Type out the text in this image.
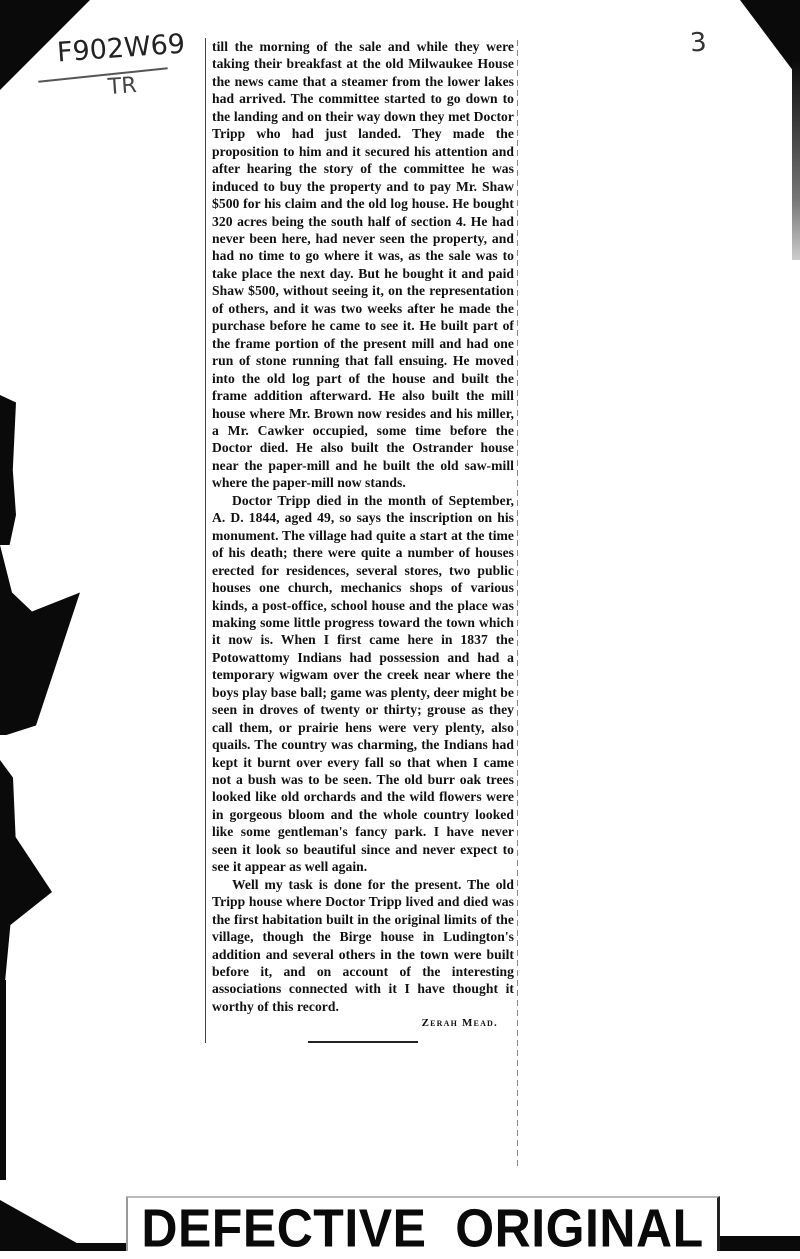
F902W69
TR
3

till the morning of the sale and while they were taking their breakfast at the old Milwaukee House the news came that a steamer from the lower lakes had arrived. The committee started to go down to the landing and on their way down they met Doctor Tripp who had just landed. They made the proposition to him and it secured his attention and after hearing the story of the committee he was induced to buy the property and to pay Mr. Shaw $500 for his claim and the old log house. He bought 320 acres being the south half of section 4. He had never been here, had never seen the property, and had no time to go where it was, as the sale was to take place the next day. But he bought it and paid Shaw $500, without seeing it, on the representation of others, and it was two weeks after he made the purchase before he came to see it. He built part of the frame portion of the present mill and had one run of stone running that fall ensuing. He moved into the old log part of the house and built the frame addition afterward. He also built the mill house where Mr. Brown now resides and his miller, a Mr. Cawker occupied, some time before the Doctor died. He also built the Ostrander house near the paper-mill and he built the old saw-mill where the paper-mill now stands.

Doctor Tripp died in the month of September, A. D. 1844, aged 49, so says the inscription on his monument. The village had quite a start at the time of his death; there were quite a number of houses erected for residences, several stores, two public houses one church, mechanics shops of various kinds, a post-office, school house and the place was making some little progress toward the town which it now is. When I first came here in 1837 the Potowattomy Indians had possession and had a temporary wigwam over the creek near where the boys play base ball; game was plenty, deer might be seen in droves of twenty or thirty; grouse as they call them, or prairie hens were very plenty, also quails. The country was charming, the Indians had kept it burnt over every fall so that when I came not a bush was to be seen. The old burr oak trees looked like old orchards and the wild flowers were in gorgeous bloom and the whole country looked like some gentleman's fancy park. I have never seen it look so beautiful since and never expect to see it appear as well again.

Well my task is done for the present. The old Tripp house where Doctor Tripp lived and died was the first habitation built in the original limits of the village, though the Birge house in Ludington's addition and several others in the town were built before it, and on account of the interesting associations connected with it I have thought it worthy of this record.

Zerah Mead.

DEFECTIVE  ORIGINAL
